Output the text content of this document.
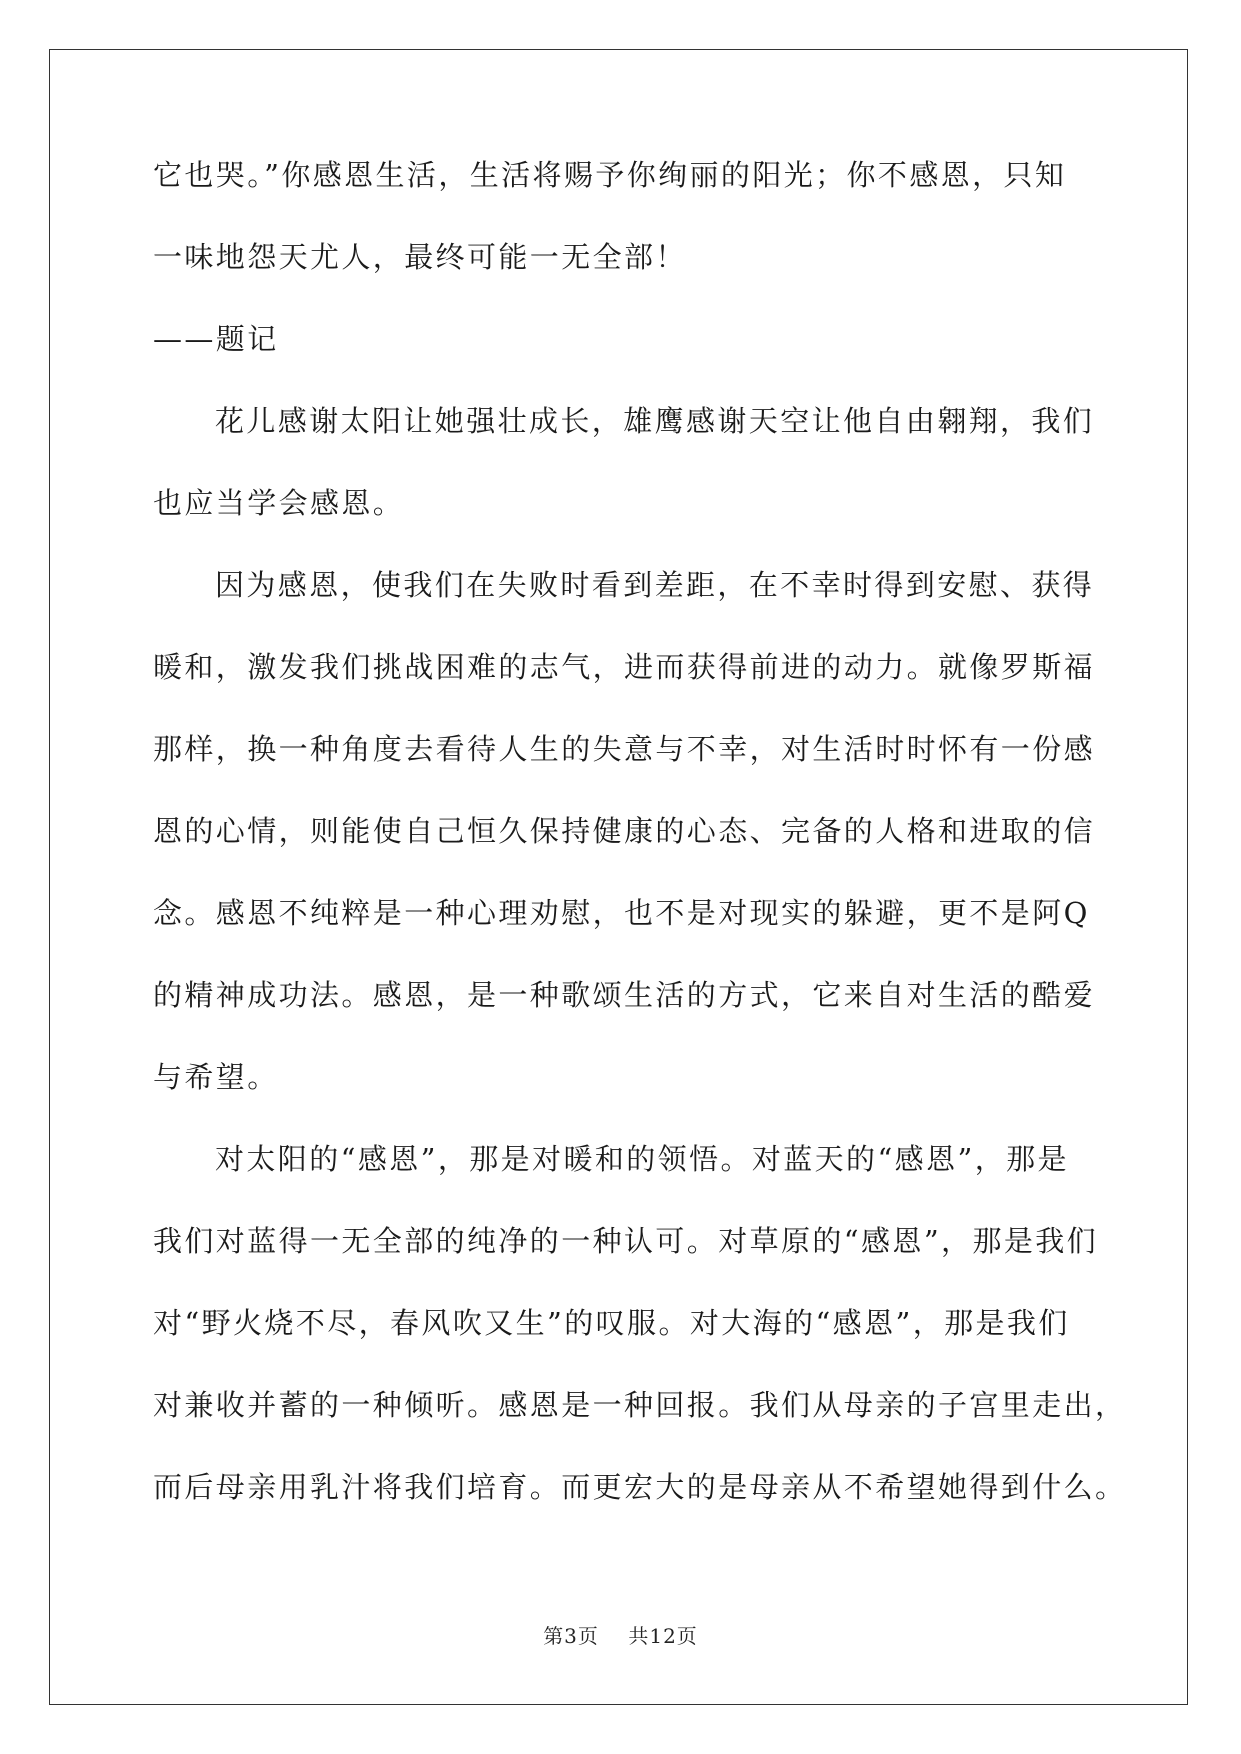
它也哭。”你感恩生活，生活将赐予你绚丽的阳光；你不感恩，只知
一味地怨天尤人，最终可能一无全部！
——题记
花儿感谢太阳让她强壮成长，雄鹰感谢天空让他自由翱翔，我们
也应当学会感恩。
因为感恩，使我们在失败时看到差距，在不幸时得到安慰、获得
暖和，激发我们挑战困难的志气，进而获得前进的动力。就像罗斯福
那样，换一种角度去看待人生的失意与不幸，对生活时时怀有一份感
恩的心情，则能使自己恒久保持健康的心态、完备的人格和进取的信
念。感恩不纯粹是一种心理劝慰，也不是对现实的躲避，更不是阿Q
的精神成功法。感恩，是一种歌颂生活的方式，它来自对生活的酷爱
与希望。
对太阳的“感恩”，那是对暖和的领悟。对蓝天的“感恩”，那是
我们对蓝得一无全部的纯净的一种认可。对草原的“感恩”，那是我们
对“野火烧不尽，春风吹又生”的叹服。对大海的“感恩”，那是我们
对兼收并蓄的一种倾听。感恩是一种回报。我们从母亲的子宫里走出，
而后母亲用乳汁将我们培育。而更宏大的是母亲从不希望她得到什么。
第3页 共12页
